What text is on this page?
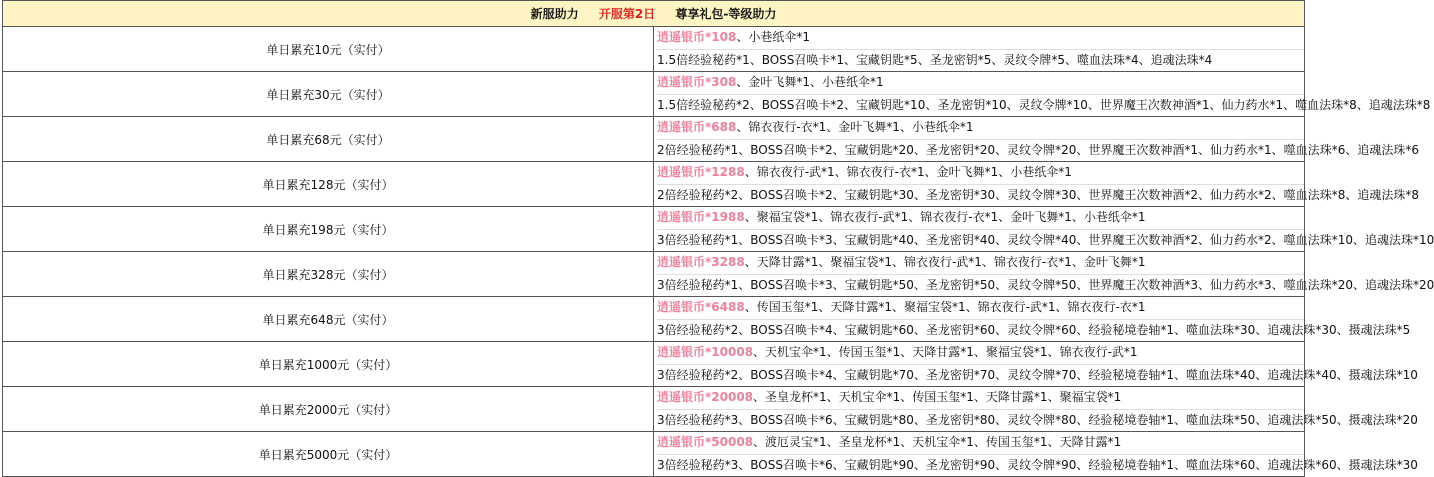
新服助力 开服第2日 尊享礼包-等级助力	
单日累充10元（实付）	逍遥银币*108、小巷纸伞*1
1.5倍经验秘药*1、BOSS召唤卡*1、宝藏钥匙*5、圣龙密钥*5、灵纹令牌*5、噬血法珠*4、追魂法珠*4

单日累充30元（实付）	逍遥银币*308、金叶飞舞*1、小巷纸伞*1
1.5倍经验秘药*2、BOSS召唤卡*2、宝藏钥匙*10、圣龙密钥*10、灵纹令牌*10、世界魔王次数神酒*1、仙力药水*1、噬血法珠*8、追魂法珠*8

单日累充68元（实付）	逍遥银币*688、锦衣夜行-衣*1、金叶飞舞*1、小巷纸伞*1
2倍经验秘药*1、BOSS召唤卡*2、宝藏钥匙*20、圣龙密钥*20、灵纹令牌*20、世界魔王次数神酒*1、仙力药水*1、噬血法珠*6、追魂法珠*6

单日累充128元（实付）	逍遥银币*1288、锦衣夜行-武*1、锦衣夜行-衣*1、金叶飞舞*1、小巷纸伞*1
2倍经验秘药*2、BOSS召唤卡*2、宝藏钥匙*30、圣龙密钥*30、灵纹令牌*30、世界魔王次数神酒*2、仙力药水*2、噬血法珠*8、追魂法珠*8

单日累充198元（实付）	逍遥银币*1988、聚福宝袋*1、锦衣夜行-武*1、锦衣夜行-衣*1、金叶飞舞*1、小巷纸伞*1
3倍经验秘药*1、BOSS召唤卡*3、宝藏钥匙*40、圣龙密钥*40、灵纹令牌*40、世界魔王次数神酒*2、仙力药水*2、噬血法珠*10、追魂法珠*10

单日累充328元（实付）	逍遥银币*3288、天降甘露*1、聚福宝袋*1、锦衣夜行-武*1、锦衣夜行-衣*1、金叶飞舞*1
3倍经验秘药*1、BOSS召唤卡*3、宝藏钥匙*50、圣龙密钥*50、灵纹令牌*50、世界魔王次数神酒*3、仙力药水*3、噬血法珠*20、追魂法珠*20

单日累充648元（实付）	逍遥银币*6488、传国玉玺*1、天降甘露*1、聚福宝袋*1、锦衣夜行-武*1、锦衣夜行-衣*1
3倍经验秘药*2、BOSS召唤卡*4、宝藏钥匙*60、圣龙密钥*60、灵纹令牌*60、经验秘境卷轴*1、噬血法珠*30、追魂法珠*30、摄魂法珠*5

单日累充1000元（实付）	逍遥银币*10008、天机宝伞*1、传国玉玺*1、天降甘露*1、聚福宝袋*1、锦衣夜行-武*1
3倍经验秘药*2、BOSS召唤卡*4、宝藏钥匙*70、圣龙密钥*70、灵纹令牌*70、经验秘境卷轴*1、噬血法珠*40、追魂法珠*40、摄魂法珠*10

单日累充2000元（实付）	逍遥银币*20008、圣皇龙杯*1、天机宝伞*1、传国玉玺*1、天降甘露*1、聚福宝袋*1
3倍经验秘药*3、BOSS召唤卡*6、宝藏钥匙*80、圣龙密钥*80、灵纹令牌*80、经验秘境卷轴*1、噬血法珠*50、追魂法珠*50、摄魂法珠*20

单日累充5000元（实付）	逍遥银币*50008、渡厄灵宝*1、圣皇龙杯*1、天机宝伞*1、传国玉玺*1、天降甘露*1
3倍经验秘药*3、BOSS召唤卡*6、宝藏钥匙*90、圣龙密钥*90、灵纹令牌*90、经验秘境卷轴*1、噬血法珠*60、追魂法珠*60、摄魂法珠*30
